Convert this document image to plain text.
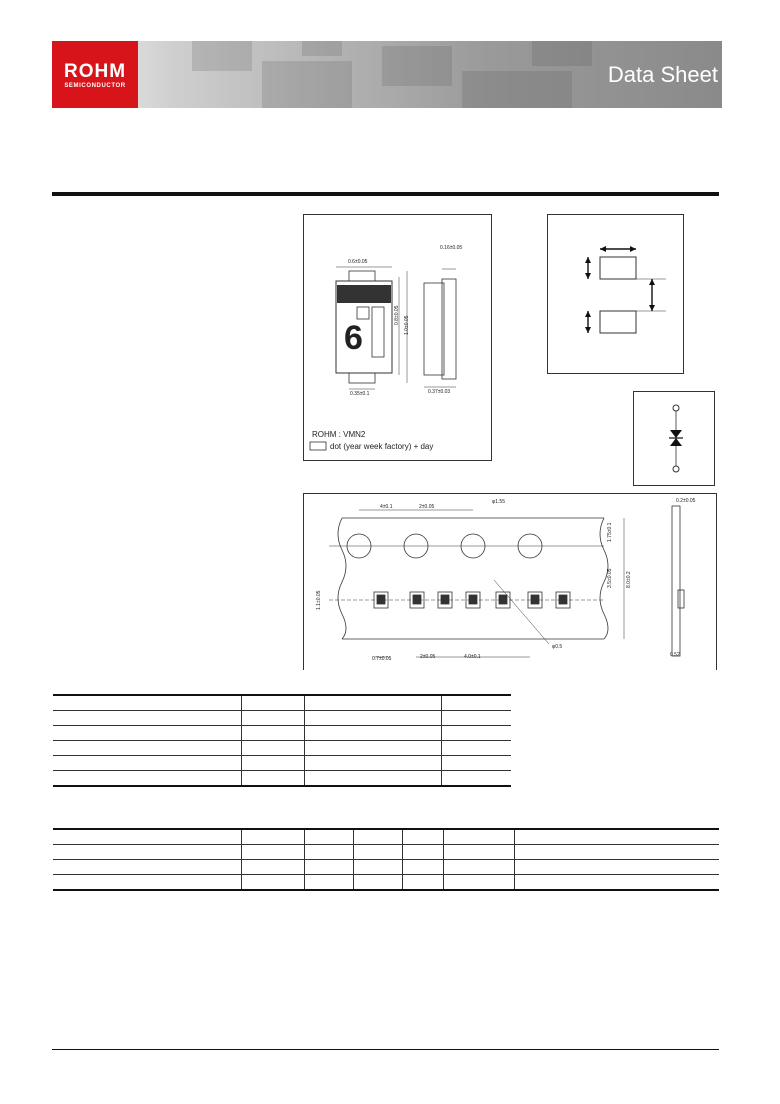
ROHM
SEMICONDUCTOR	Data Sheet
0.6±0.05
0.16±0.05
0.8±0.05
1.0±0.05
0.35±0.1	0.37±0.03
6
ROHM : VMN2
dot (year week factory) + day
4±0.1	2±0.05
φ1.55
0.7±0.05	2±0.05	4.0±0.1
φ0.5
1.75±0.1
3.5±0.05	8.0±0.2
1.1±0.05
0.2±0.05
0.52
